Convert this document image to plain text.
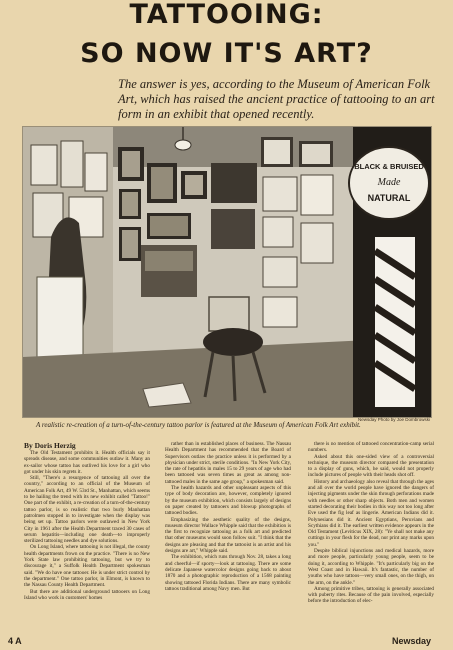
TATTOOING:
SO NOW IT'S ART?
The answer is yes, according to the Museum of American Folk Art, which has raised the ancient practice of tattooing to an art form in an exhibit that opened recently.
BLACK & BRUISED
Made
NATURAL
Newsday Photo by Joe Dombrowski
A realistic re-creation of a turn-of-the-century tattoo parlor is featured at the Museum of American Folk Art exhibit.
By Doris Herzig

The Old Testament prohibits it. Health officials say it spreads disease, and some communities outlaw it. Many an ex-sailor whose tattoo has outlived his love for a girl who got under his skin regrets it.

Still, "There's a resurgence of tattooing all over the country," according to an official of the Museum of American Folk Art, 49 W. 53rd St., Manhattan, which seems to be hailing the trend with its new exhibit called "Tattoo!" One part of the exhibit, a re-creation of a turn-of-the-century tattoo parlor, is so realistic that two burly Manhattan patrolmen stopped in to investigate when the display was being set up. Tattoo parlors were outlawed in New York City in 1961 after the Health Department traced 30 cases of serum hepatitis—including one death—to improperly sterilized tattooing needles and dye solutions.

On Long Island, where tattooing is not illegal, the county health departments frown on the practice. "There is no New York State law prohibiting tattooing, but we try to discourage it," a Suffolk Health Department spokesman said. "We do have one tattooer. He is under strict control by the department." One tattoo parlor, in Elmont, is known to the Nassau County Health Department.

But there are additional underground tattooers on Long Island who work in customers' homes

rather than in established places of business. The Nassau Health Department has recommended that the Board of Supervisors outlaw the practice unless it is performed by a physician under strict, sterile conditions. "In New York City, the rate of hepatitis in males 15 to 29 years of age who had been tattooed was seven times as great as among non-tattooed males in the same age group," a spokesman said.

The health hazards and other unpleasant aspects of this type of body decoration are, however, completely ignored by the museum exhibition, which consists largely of designs on paper created by tattooers and blowup photographs of tattooed bodies.

Emphasizing the aesthetic quality of the designs, museum director Wallace Whipple said that the exhibition is the first to recognize tattooing as a folk art and predicted that other museums would soon follow suit. "I think that the designs are pleasing and that the tattooist is an artist and his designs are art," Whipple said.

The exhibition, which runs through Nov. 28, takes a long and cheerful—if sporty—look at tattooing. There are some delicate Japanese watercolor designs going back to about 1870 and a photographic reproduction of a 1568 painting showing tattooed Florida Indians. There are many symbolic tattoos traditional among Navy men. But

there is no mention of tattooed concentration-camp serial numbers.

Asked about this one-sided view of a controversial technique, the museum director compared the presentation to a display of guns, which, he said, would not properly include pictures of people with their heads shot off.

History and archaeology also reveal that through the ages and all over the world people have ignored the dangers of injecting pigments under the skin through perforations made with needles or other sharp objects. Both men and women started decorating their bodies in this way not too long after Eve used the fig leaf as lingerie. American Indians did it. Polynesians did it. Ancient Egyptians, Peruvians and Scythians did it. The earliest written evidence appears in the Old Testament (Leviticus XIX, 28): "Ye shall not make any cuttings in your flesh for the dead, nor print any marks upon you."

Despite biblical injunctions and medical hazards, more and more people, particularly young people, seem to be doing it, according to Whipple. "It's particularly big on the West Coast and in Hawaii. It's fantastic, the number of youths who have tattoos—very small ones, on the thigh, on the arm, on the ankle."

Among primitive tribes, tattooing is generally associated with puberty rites. Because of the pain involved, especially before the introduction of elec-

4 A	Newsday
